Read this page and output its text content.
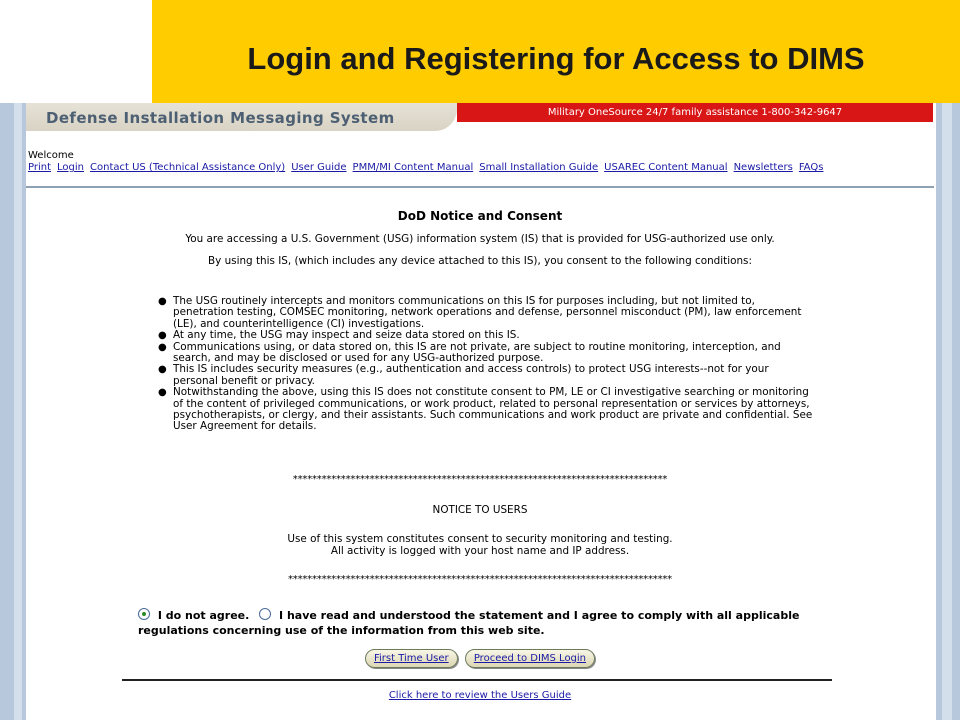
Login and Registering for Access to DIMS
Defense Installation Messaging System	Military OneSource 24/7 family assistance 1-800-342-9647
Welcome
Print Login Contact US (Technical Assistance Only) User Guide PMM/MI Content Manual Small Installation Guide USAREC Content Manual Newsletters FAQs

DoD Notice and Consent

You are accessing a U.S. Government (USG) information system (IS) that is provided for USG-authorized use only.

By using this IS, (which includes any device attached to this IS), you consent to the following conditions:

● The USG routinely intercepts and monitors communications on this IS for purposes including, but not limited to, penetration testing, COMSEC monitoring, network operations and defense, personnel misconduct (PM), law enforcement (LE), and counterintelligence (CI) investigations.
● At any time, the USG may inspect and seize data stored on this IS.
● Communications using, or data stored on, this IS are not private, are subject to routine monitoring, interception, and search, and may be disclosed or used for any USG-authorized purpose.
● This IS includes security measures (e.g., authentication and access controls) to protect USG interests--not for your personal benefit or privacy.
● Notwithstanding the above, using this IS does not constitute consent to PM, LE or CI investigative searching or monitoring of the content of privileged communications, or work product, related to personal representation or services by attorneys, psychotherapists, or clergy, and their assistants. Such communications and work product are private and confidential. See User Agreement for details.
******************************************************************************
NOTICE TO USERS
Use of this system constitutes consent to security monitoring and testing.
All activity is logged with your host name and IP address.
********************************************************************************
I do not agree.	I have read and understood the statement and I agree to comply with all applicable regulations concerning use of the information from this web site.
First Time User	Proceed to DIMS Login
Click here to review the Users Guide
